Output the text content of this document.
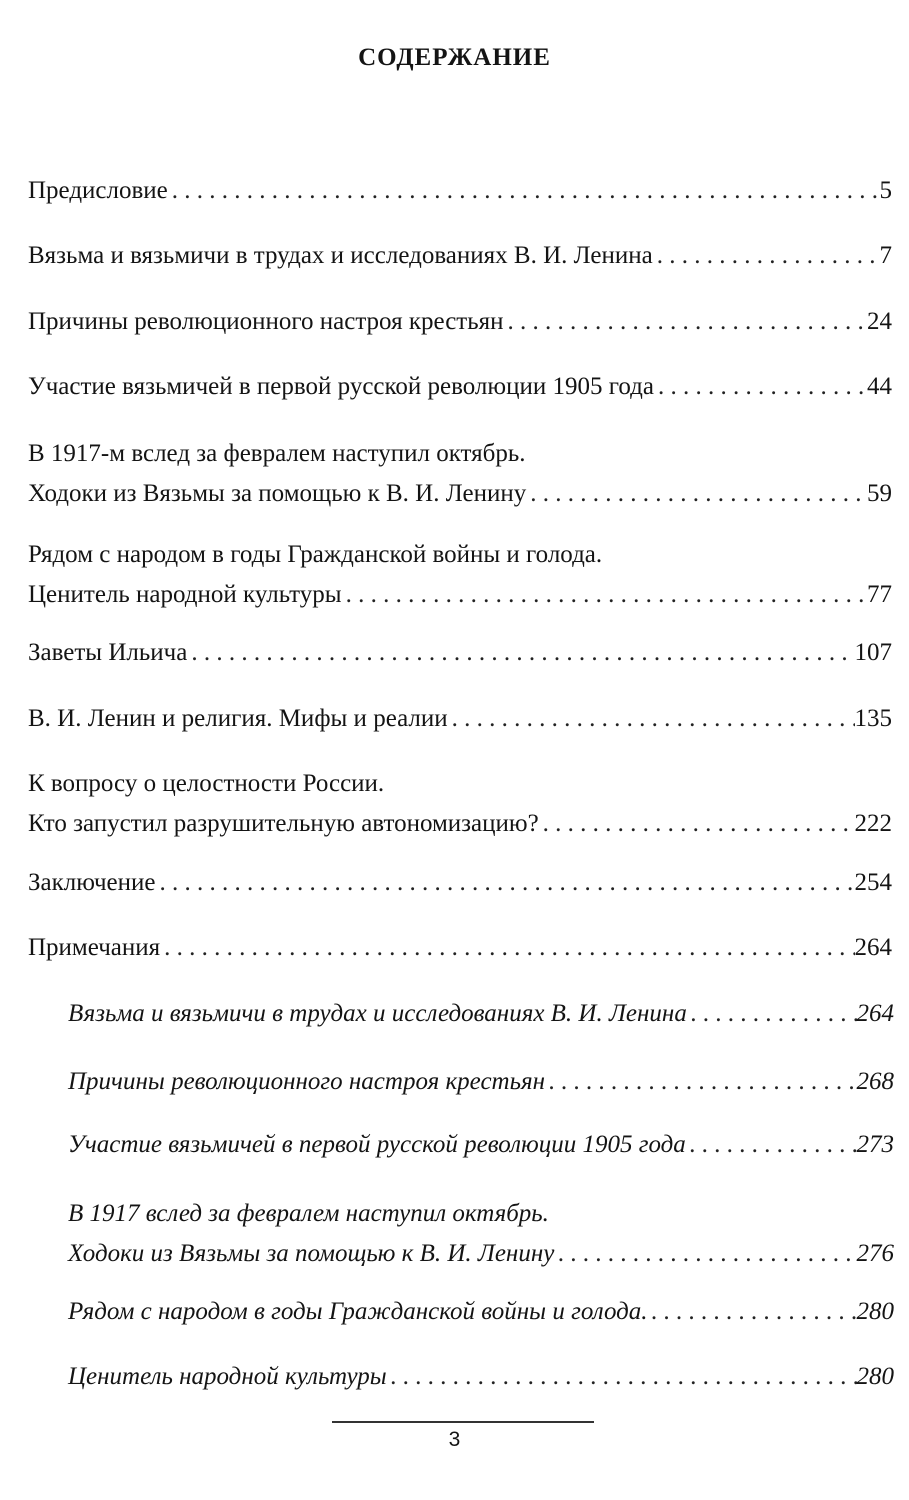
СОДЕРЖАНИЕ
Предисловие . . .	5
Вязьма и вязьмичи в трудах и исследованиях В. И. Ленина . . .	7
Причины революционного настроя крестьян . . .	24
Участие вязьмичей в первой русской революции 1905 года . . .	44
В 1917-м вслед за февралем наступил октябрь.
Ходоки из Вязьмы за помощью к В. И. Ленину . . .	59
Рядом с народом в годы Гражданской войны и голода.
Ценитель народной культуры . . .	77
Заветы Ильича . . .	107
В. И. Ленин и религия. Мифы и реалии . . .	135
К вопросу о целостности России.
Кто запустил разрушительную автономизацию? . . .	222
Заключение . . .	254
Примечания . . .	264
Вязьма и вязьмичи в трудах и исследованиях В. И. Ленина . . .	264
Причины революционного настроя крестьян . . .	268
Участие вязьмичей в первой русской революции 1905 года . . .	273
В 1917 вслед за февралем наступил октябрь.
Ходоки из Вязьмы за помощью к В. И. Ленину . . .	276
Рядом с народом в годы Гражданской войны и голода. . . .	280
Ценитель народной культуры . . .	280
3
